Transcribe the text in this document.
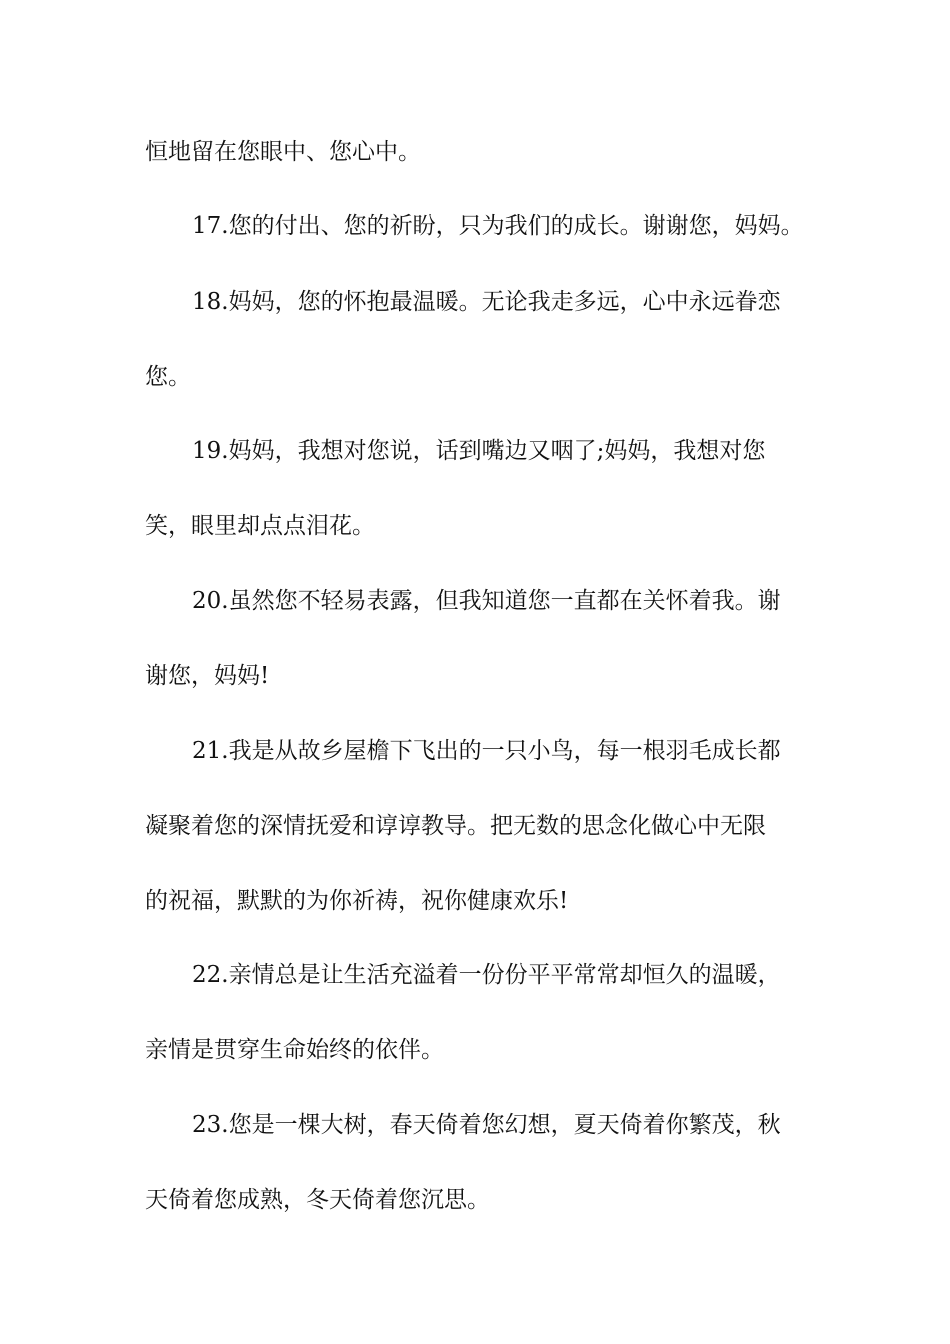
恒地留在您眼中、您心中。
17.您的付出、您的祈盼，只为我们的成长。谢谢您，妈妈。
18.妈妈，您的怀抱最温暖。无论我走多远，心中永远眷恋
您。
19.妈妈，我想对您说，话到嘴边又咽了;妈妈，我想对您
笑，眼里却点点泪花。
20.虽然您不轻易表露，但我知道您一直都在关怀着我。谢
谢您，妈妈!
21.我是从故乡屋檐下飞出的一只小鸟，每一根羽毛成长都
凝聚着您的深情抚爱和谆谆教导。把无数的思念化做心中无限
的祝福，默默的为你祈祷，祝你健康欢乐!
22.亲情总是让生活充溢着一份份平平常常却恒久的温暖，
亲情是贯穿生命始终的依伴。
23.您是一棵大树，春天倚着您幻想，夏天倚着你繁茂，秋
天倚着您成熟，冬天倚着您沉思。
